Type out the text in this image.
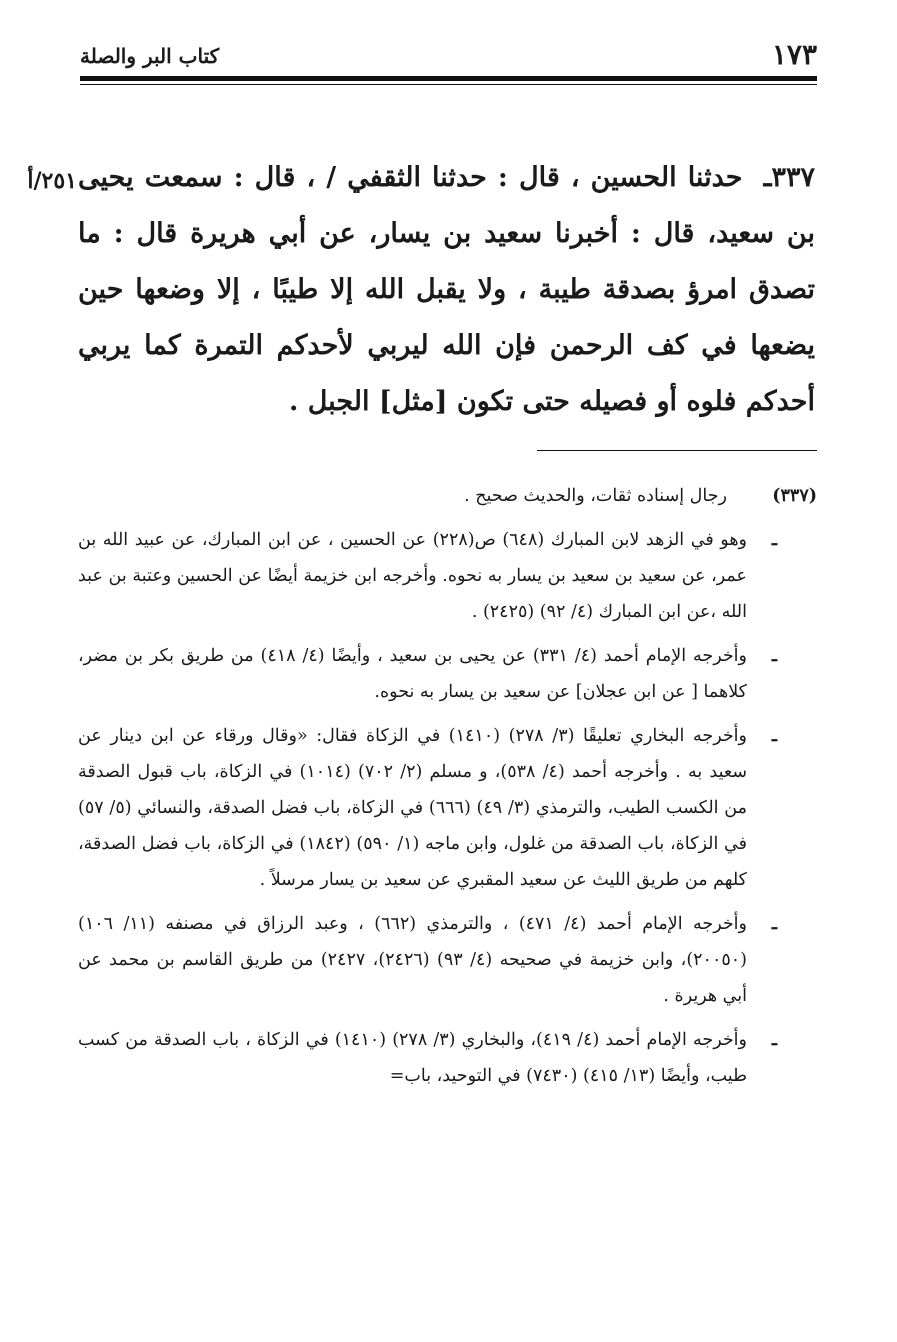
١٧٣
كتاب البر والصلة
٢٥١/أ	٣٣٧ـ حدثنا الحسين ، قال : حدثنا الثقفي / ، قال : سمعت يحيى بن سعيد، قال : أخبرنا سعيد بن يسار، عن أبي هريرة قال : ما تصدق امرؤ بصدقة طيبة ، ولا يقبل الله إلا طيبًا ، إلا وضعها حين يضعها في كف الرحمن فإن الله ليربي لأحدكم التمرة كما يربي أحدكم فلوه أو فصيله حتى تكون [مثل] الجبل .
(٣٣٧)
رجال إسناده ثقات، والحديث صحيح .
ـ
وهو في الزهد لابن المبارك (٦٤٨) ص(٢٢٨) عن الحسين ، عن ابن المبارك، عن عبيد الله بن عمر، عن سعيد بن سعيد بن يسار به نحوه. وأخرجه ابن خزيمة أيضًا عن الحسين وعتبة بن عبد الله ،عن ابن المبارك (٤/ ٩٢) (٢٤٢٥) .
ـ
وأخرجه الإمام أحمد (٤/ ٣٣١) عن يحيى بن سعيد ، وأيضًا (٤/ ٤١٨) من طريق بكر بن مضر، كلاهما [ عن ابن عجلان] عن سعيد بن يسار به نحوه.
ـ
وأخرجه البخاري تعليقًا (٣/ ٢٧٨) (١٤١٠) في الزكاة فقال: «وقال ورقاء عن ابن دينار عن سعيد به . وأخرجه أحمد (٤/ ٥٣٨)، و مسلم (٢/ ٧٠٢) (١٠١٤) في الزكاة، باب قبول الصدقة من الكسب الطيب، والترمذي (٣/ ٤٩) (٦٦٦) في الزكاة، باب فضل الصدقة، والنسائي (٥/ ٥٧) في الزكاة، باب الصدقة من غلول، وابن ماجه (١/ ٥٩٠) (١٨٤٢) في الزكاة، باب فضل الصدقة، كلهم من طريق الليث عن سعيد المقبري عن سعيد بن يسار مرسلاً .
ـ
وأخرجه الإمام أحمد (٤/ ٤٧١) ، والترمذي (٦٦٢) ، وعبد الرزاق في مصنفه (١١/ ١٠٦) (٢٠٠٥٠)، وابن خزيمة في صحيحه (٤/ ٩٣) (٢٤٢٦)، ٢٤٢٧) من طريق القاسم بن محمد عن أبي هريرة .
ـ
وأخرجه الإمام أحمد (٤/ ٤١٩)، والبخاري (٣/ ٢٧٨) (١٤١٠) في الزكاة ، باب الصدقة من كسب طيب، وأيضًا (١٣/ ٤١٥) (٧٤٣٠) في التوحيد، باب=
